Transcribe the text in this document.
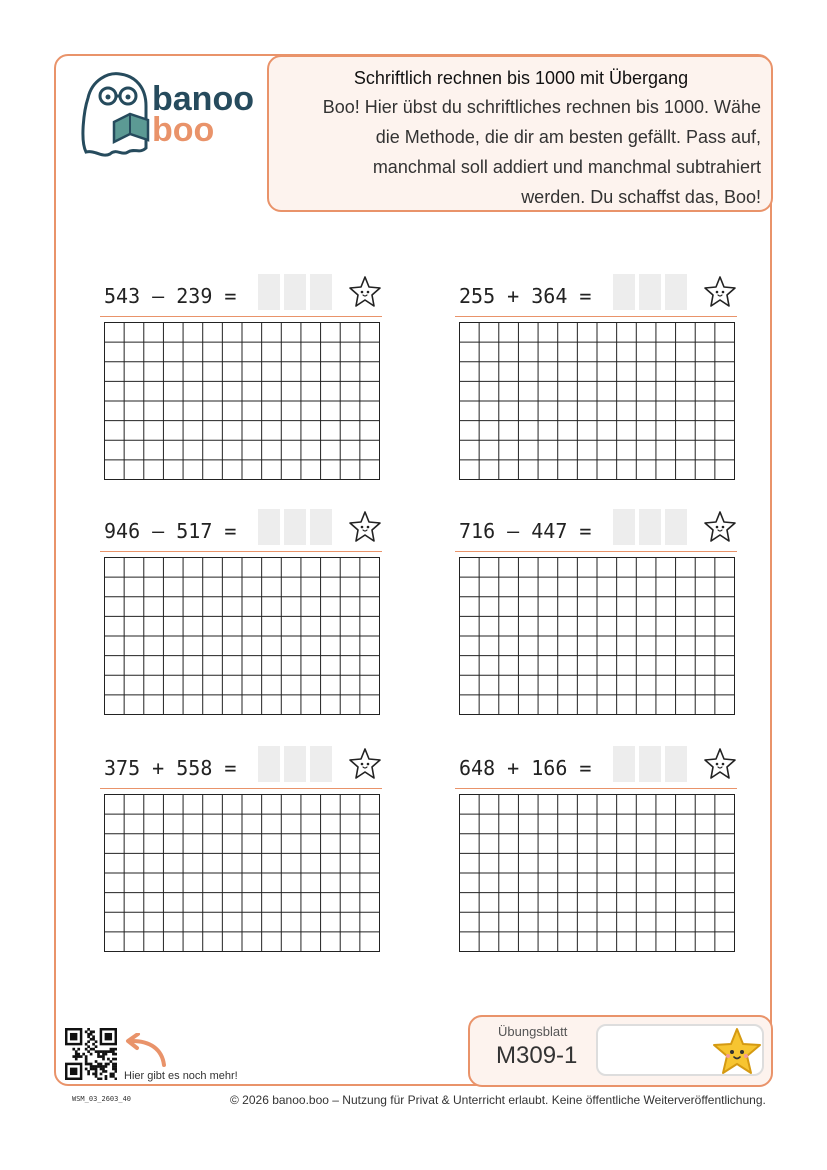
banoo
boo
Schriftlich rechnen bis 1000 mit Übergang
Boo! Hier übst du schriftliches rechnen bis 1000. Wähe
die Methode, die dir am besten gefällt. Pass auf,
manchmal soll addiert und manchmal subtrahiert
werden. Du schaffst das, Boo!
543 – 239 =	255 + 364 =
946 – 517 =	716 – 447 =
375 + 558 =	648 + 166 =
Hier gibt es noch mehr!
Übungsblatt
M309-1
WSM_03_2603_40	© 2026 banoo.boo – Nutzung für Privat & Unterricht erlaubt. Keine öffentliche Weiterveröffentlichung.
